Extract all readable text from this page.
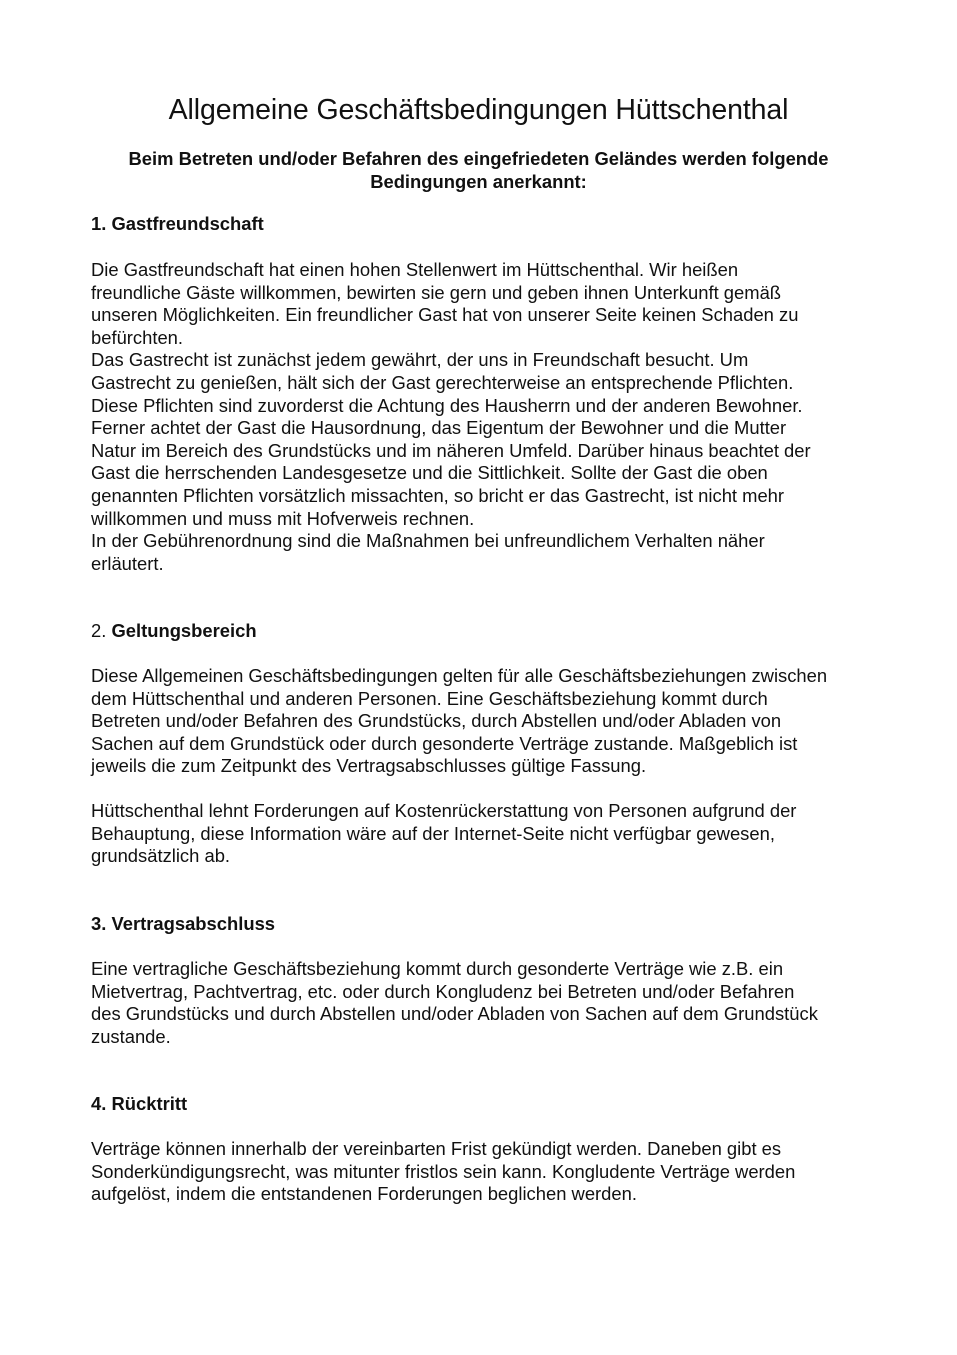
Allgemeine Geschäftsbedingungen Hüttschenthal
Beim Betreten und/oder Befahren des eingefriedeten Geländes werden folgende
Bedingungen anerkannt:
1. Gastfreundschaft
Die Gastfreundschaft hat einen hohen Stellenwert im Hüttschenthal. Wir heißen
freundliche Gäste willkommen, bewirten sie gern und geben ihnen Unterkunft gemäß
unseren Möglichkeiten. Ein freundlicher Gast hat von unserer Seite keinen Schaden zu
befürchten.
Das Gastrecht ist zunächst jedem gewährt, der uns in Freundschaft besucht. Um
Gastrecht zu genießen, hält sich der Gast gerechterweise an entsprechende Pflichten.
Diese Pflichten sind zuvorderst die Achtung des Hausherrn und der anderen Bewohner.
Ferner achtet der Gast die Hausordnung, das Eigentum der Bewohner und die Mutter
Natur im Bereich des Grundstücks und im näheren Umfeld. Darüber hinaus beachtet der
Gast die herrschenden Landesgesetze und die Sittlichkeit. Sollte der Gast die oben
genannten Pflichten vorsätzlich missachten, so bricht er das Gastrecht, ist nicht mehr
willkommen und muss mit Hofverweis rechnen.
In der Gebührenordnung sind die Maßnahmen bei unfreundlichem Verhalten näher
erläutert.
2. Geltungsbereich
Diese Allgemeinen Geschäftsbedingungen gelten für alle Geschäftsbeziehungen zwischen
dem Hüttschenthal und anderen Personen. Eine Geschäftsbeziehung kommt durch
Betreten und/oder Befahren des Grundstücks, durch Abstellen und/oder Abladen von
Sachen auf dem Grundstück oder durch gesonderte Verträge zustande. Maßgeblich ist
jeweils die zum Zeitpunkt des Vertragsabschlusses gültige Fassung.
Hüttschenthal lehnt Forderungen auf Kostenrückerstattung von Personen aufgrund der
Behauptung, diese Information wäre auf der Internet-Seite nicht verfügbar gewesen,
grundsätzlich ab.
3. Vertragsabschluss
Eine vertragliche Geschäftsbeziehung kommt durch gesonderte Verträge wie z.B. ein
Mietvertrag, Pachtvertrag, etc. oder durch Kongludenz bei Betreten und/oder Befahren
des Grundstücks und durch Abstellen und/oder Abladen von Sachen auf dem Grundstück
zustande.
4. Rücktritt
Verträge können innerhalb der vereinbarten Frist gekündigt werden. Daneben gibt es
Sonderkündigungsrecht, was mitunter fristlos sein kann. Kongludente Verträge werden
aufgelöst, indem die entstandenen Forderungen beglichen werden.
